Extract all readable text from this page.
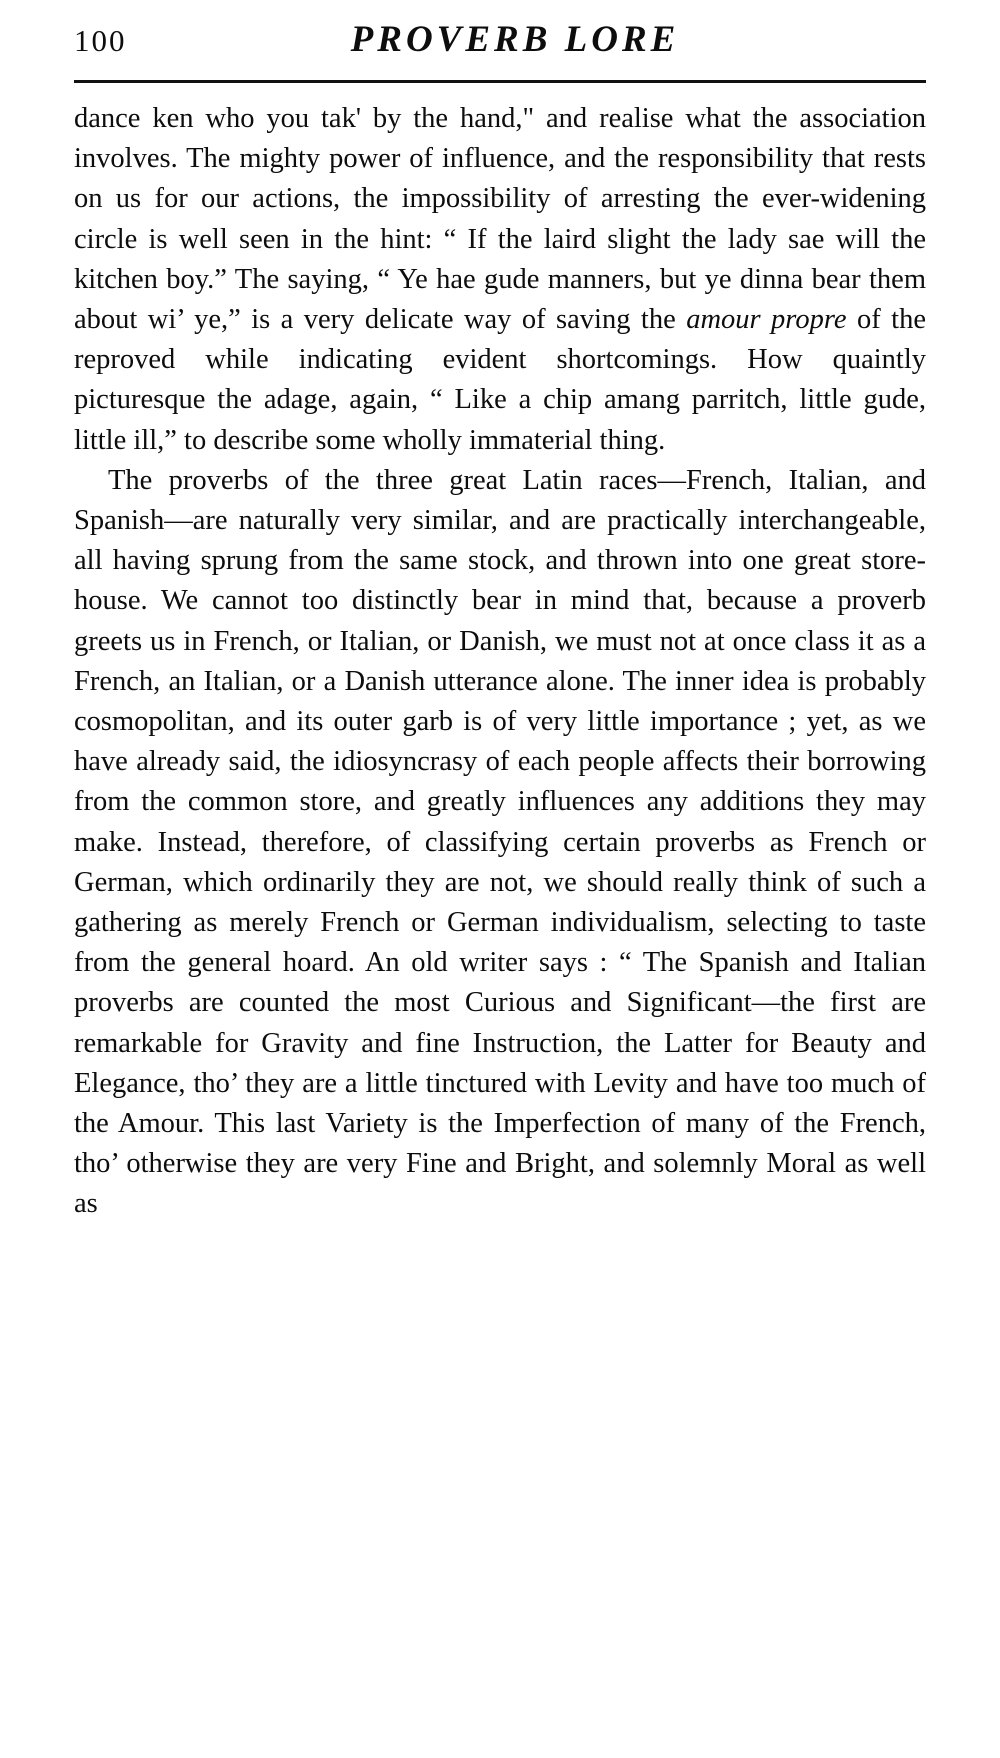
100	PROVERB LORE

dance ken who you tak' by the hand," and realise what the association involves. The mighty power of influence, and the responsibility that rests on us for our actions, the impossibility of arresting the ever-widening circle is well seen in the hint: “ If the laird slight the lady sae will the kitchen boy.” The saying, “ Ye hae gude manners, but ye dinna bear them about wi’ ye,” is a very delicate way of saving the amour propre of the reproved while indicating evident shortcomings. How quaintly picturesque the adage, again, “ Like a chip amang parritch, little gude, little ill,” to describe some wholly immaterial thing.

The proverbs of the three great Latin races—French, Italian, and Spanish—are naturally very similar, and are practically interchangeable, all having sprung from the same stock, and thrown into one great store-house. We cannot too distinctly bear in mind that, because a proverb greets us in French, or Italian, or Danish, we must not at once class it as a French, an Italian, or a Danish utterance alone. The inner idea is probably cosmopolitan, and its outer garb is of very little importance ; yet, as we have already said, the idiosyncrasy of each people affects their borrowing from the common store, and greatly influences any additions they may make. Instead, therefore, of classifying certain proverbs as French or German, which ordinarily they are not, we should really think of such a gathering as merely French or German individualism, selecting to taste from the general hoard. An old writer says : “ The Spanish and Italian proverbs are counted the most Curious and Significant—the first are remarkable for Gravity and fine Instruction, the Latter for Beauty and Elegance, tho’ they are a little tinctured with Levity and have too much of the Amour. This last Variety is the Imperfection of many of the French, tho’ otherwise they are very Fine and Bright, and solemnly Moral as well as
